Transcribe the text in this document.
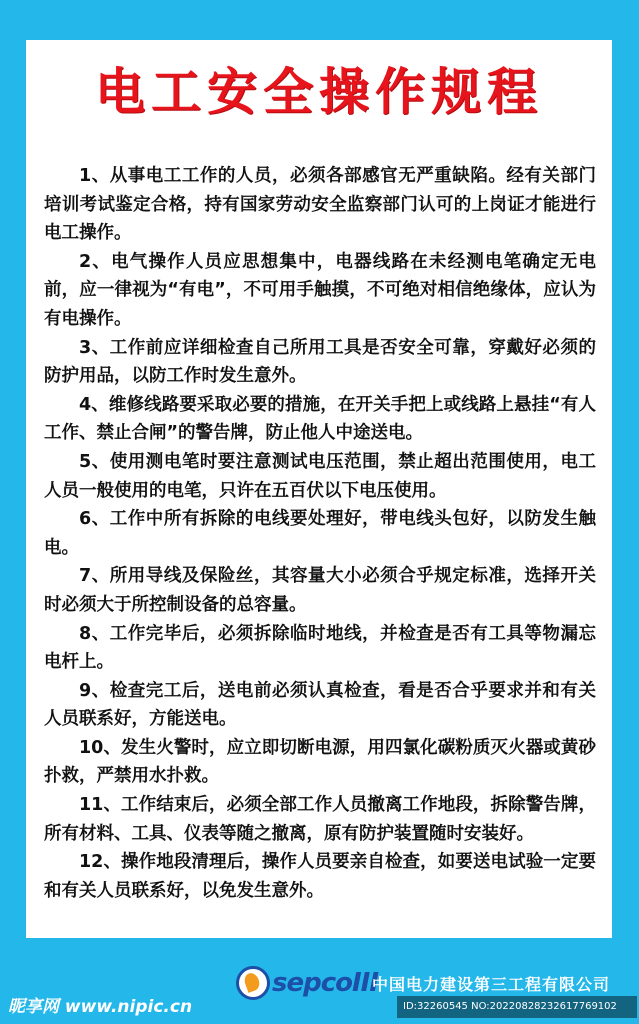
电工安全操作规程

1、从事电工工作的人员，必须各部感官无严重缺陷。经有关部门培训考试鉴定合格，持有国家劳动安全监察部门认可的上岗证才能进行电工操作。

2、电气操作人员应思想集中，电器线路在未经测电笔确定无电前，应一律视为“有电”，不可用手触摸，不可绝对相信绝缘体，应认为有电操作。

3、工作前应详细检查自己所用工具是否安全可靠，穿戴好必须的防护用品，以防工作时发生意外。

4、维修线路要采取必要的措施，在开关手把上或线路上悬挂“有人工作、禁止合闸”的警告牌，防止他人中途送电。

5、使用测电笔时要注意测试电压范围，禁止超出范围使用，电工人员一般使用的电笔，只许在五百伏以下电压使用。

6、工作中所有拆除的电线要处理好，带电线头包好，以防发生触电。

7、所用导线及保险丝，其容量大小必须合乎规定标准，选择开关时必须大于所控制设备的总容量。

8、工作完毕后，必须拆除临时地线，并检查是否有工具等物漏忘电杆上。

9、检查完工后，送电前必须认真检查，看是否合乎要求并和有关人员联系好，方能送电。

10、发生火警时，应立即切断电源，用四氯化碳粉质灭火器或黄砂扑救，严禁用水扑救。

11、工作结束后，必须全部工作人员撤离工作地段，拆除警告牌，所有材料、工具、仪表等随之撤离，原有防护装置随时安装好。

12、操作地段清理后，操作人员要亲自检查，如要送电试验一定要和有关人员联系好，以免发生意外。

sepcoIII
中国电力建设第三工程有限公司
昵享网 www.nipic.cn	ID:32260545 NO:20220828232617769102
